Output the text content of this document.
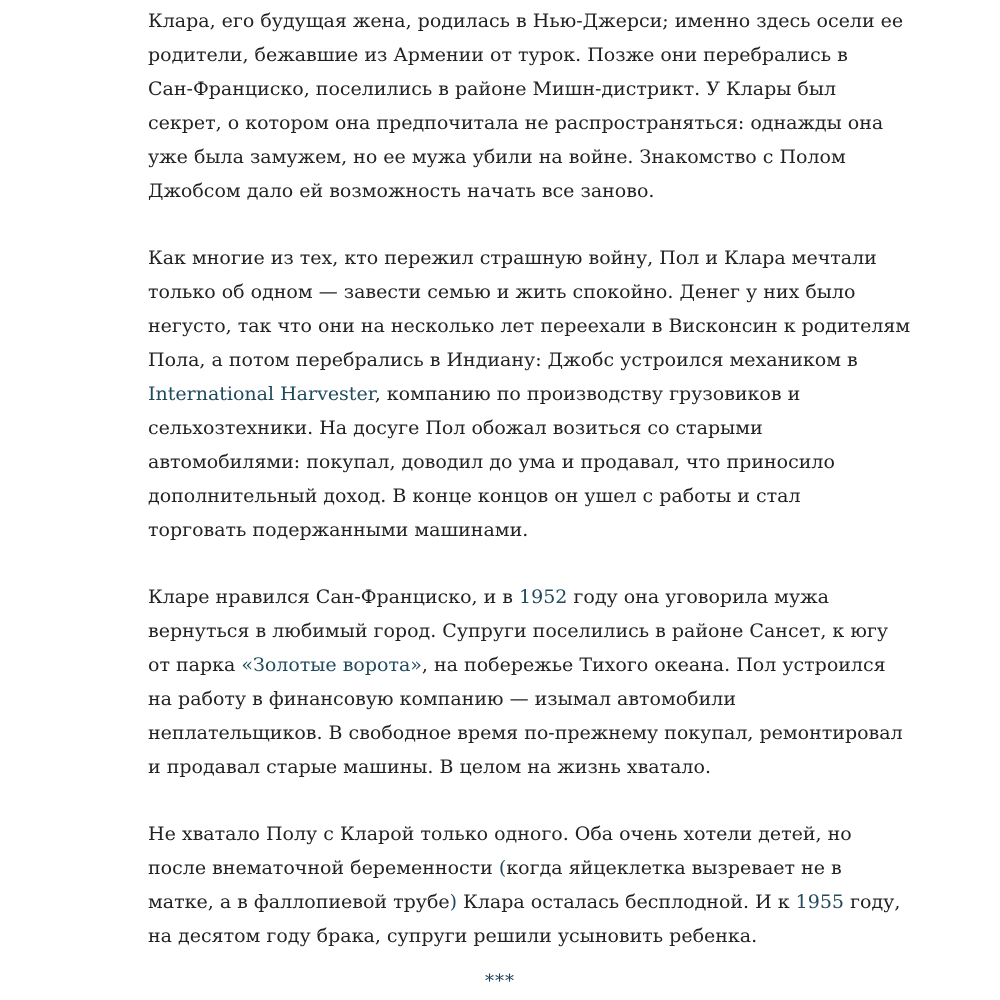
Клара, его будущая жена, родилась в Нью-Джерси; именно здесь осели ее
родители, бежавшие из Армении от турок. Позже они перебрались в
Сан-Франциско, поселились в районе Мишн-дистрикт. У Клары был
секрет, о котором она предпочитала не распространяться: однажды она
уже была замужем, но ее мужа убили на войне. Знакомство с Полом
Джобсом дало ей возможность начать все заново.

Как многие из тех, кто пережил страшную войну, Пол и Клара мечтали
только об одном — завести семью и жить спокойно. Денег у них было
негусто, так что они на несколько лет переехали в Висконсин к родителям
Пола, а потом перебрались в Индиану: Джобс устроился механиком в
International Harvester, компанию по производству грузовиков и
сельхозтехники. На досуге Пол обожал возиться со старыми
автомобилями: покупал, доводил до ума и продавал, что приносило
дополнительный доход. В конце концов он ушел с работы и стал
торговать подержанными машинами.

Кларе нравился Сан-Франциско, и в 1952 году она уговорила мужа
вернуться в любимый город. Супруги поселились в районе Сансет, к югу
от парка «Золотые ворота», на побережье Тихого океана. Пол устроился
на работу в финансовую компанию — изымал автомобили
неплательщиков. В свободное время по-прежнему покупал, ремонтировал
и продавал старые машины. В целом на жизнь хватало.

Не хватало Полу с Кларой только одного. Оба очень хотели детей, но
после внематочной беременности (когда яйцеклетка вызревает не в
матке, а в фаллопиевой трубе) Клара осталась бесплодной. И к 1955 году,
на десятом году брака, супруги решили усыновить ребенка.

***
